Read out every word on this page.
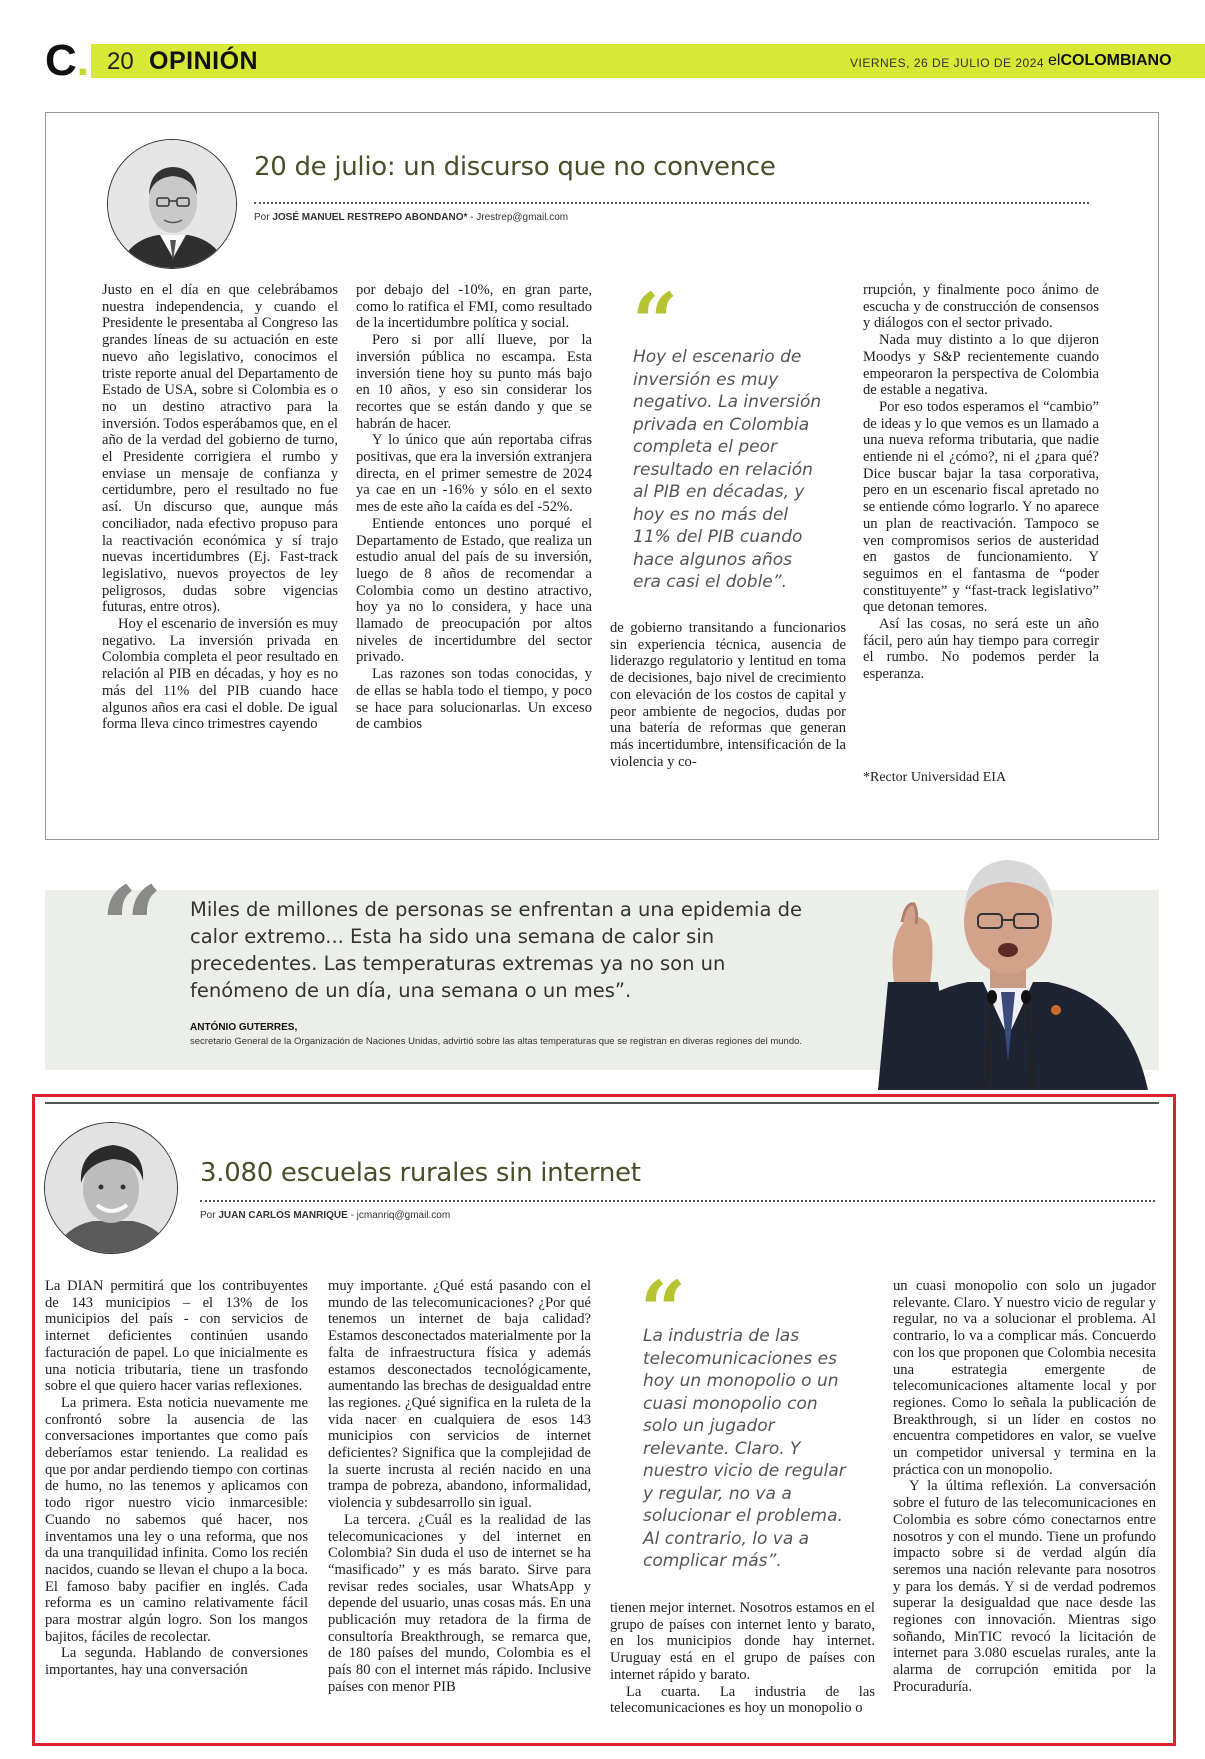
C. 20 OPINIÓN	VIERNES, 26 DE JULIO DE 2024 elCOLOMBIANO
20 de julio: un discurso que no convence
Por JOSÉ MANUEL RESTREPO ABONDANO* - Jrestrep@gmail.com

Justo en el día en que celebrábamos nuestra independencia, y cuando el Presidente le presentaba al Congreso las grandes líneas de su actuación en este nuevo año legislativo, conocimos el triste reporte anual del Departamento de Estado de USA, sobre si Colombia es o no un destino atractivo para la inversión. Todos esperábamos que, en el año de la verdad del gobierno de turno, el Presidente corrigiera el rumbo y enviase un mensaje de confianza y certidumbre, pero el resultado no fue así. Un discurso que, aunque más conciliador, nada efectivo propuso para la reactivación económica y sí trajo nuevas incertidumbres (Ej. Fast-track legislativo, nuevos proyectos de ley peligrosos, dudas sobre vigencias futuras, entre otros).

Hoy el escenario de inversión es muy negativo. La inversión privada en Colombia completa el peor resultado en relación al PIB en décadas, y hoy es no más del 11% del PIB cuando hace algunos años era casi el doble. De igual forma lleva cinco trimestres cayendo

por debajo del -10%, en gran parte, como lo ratifica el FMI, como resultado de la incertidumbre política y social.

Pero si por allí llueve, por la inversión pública no escampa. Esta inversión tiene hoy su punto más bajo en 10 años, y eso sin considerar los recortes que se están dando y que se habrán de hacer.

Y lo único que aún reportaba cifras positivas, que era la inversión extranjera directa, en el primer semestre de 2024 ya cae en un -16% y sólo en el sexto mes de este año la caída es del -52%.

Entiende entonces uno porqué el Departamento de Estado, que realiza un estudio anual del país de su inversión, luego de 8 años de recomendar a Colombia como un destino atractivo, hoy ya no lo considera, y hace una llamado de preocupación por altos niveles de incertidumbre del sector privado.

Las razones son todas conocidas, y de ellas se habla todo el tiempo, y poco se hace para solucionarlas. Un exceso de cambios

“
Hoy el escenario de inversión es muy negativo. La inversión privada en Colombia completa el peor resultado en relación al PIB en décadas, y hoy es no más del 11% del PIB cuando hace algunos años era casi el doble”.

de gobierno transitando a funcionarios sin experiencia técnica, ausencia de liderazgo regulatorio y lentitud en toma de decisiones, bajo nivel de crecimiento con elevación de los costos de capital y peor ambiente de negocios, dudas por una batería de reformas que generan más incertidumbre, intensificación de la violencia y co-

rrupción, y finalmente poco ánimo de escucha y de construcción de consensos y diálogos con el sector privado.

Nada muy distinto a lo que dijeron Moodys y S&P recientemente cuando empeoraron la perspectiva de Colombia de estable a negativa.

Por eso todos esperamos el “cambio” de ideas y lo que vemos es un llamado a una nueva reforma tributaria, que nadie entiende ni el ¿cómo?, ni el ¿para qué? Dice buscar bajar la tasa corporativa, pero en un escenario fiscal apretado no se entiende cómo lograrlo. Y no aparece un plan de reactivación. Tampoco se ven compromisos serios de austeridad en gastos de funcionamiento. Y seguimos en el fantasma de “poder constituyente” y “fast-track legislativo” que detonan temores.

Así las cosas, no será este un año fácil, pero aún hay tiempo para corregir el rumbo. No podemos perder la esperanza.

*Rector Universidad EIA
“ Miles de millones de personas se enfrentan a una epidemia de calor extremo... Esta ha sido una semana de calor sin precedentes. Las temperaturas extremas ya no son un fenómeno de un día, una semana o un mes”.
ANTÓNIO GUTERRES,
secretario General de la Organización de Naciones Unidas, advirtió sobre las altas temperaturas que se registran en diveras regiones del mundo.
3.080 escuelas rurales sin internet
Por JUAN CARLOS MANRIQUE - jcmanriq@gmail.com

La DIAN permitirá que los contribuyentes de 143 municipios – el 13% de los municipios del país - con servicios de internet deficientes continúen usando facturación de papel. Lo que inicialmente es una noticia tributaria, tiene un trasfondo sobre el que quiero hacer varias reflexiones.

La primera. Esta noticia nuevamente me confrontó sobre la ausencia de las conversaciones importantes que como país deberíamos estar teniendo. La realidad es que por andar perdiendo tiempo con cortinas de humo, no las tenemos y aplicamos con todo rigor nuestro vicio inmarcesible: Cuando no sabemos qué hacer, nos inventamos una ley o una reforma, que nos da una tranquilidad infinita. Como los recién nacidos, cuando se llevan el chupo a la boca. El famoso baby pacifier en inglés. Cada reforma es un camino relativamente fácil para mostrar algún logro. Son los mangos bajitos, fáciles de recolectar.

La segunda. Hablando de conversiones importantes, hay una conversación

muy importante. ¿Qué está pasando con el mundo de las telecomunicaciones? ¿Por qué tenemos un internet de baja calidad? Estamos desconectados materialmente por la falta de infraestructura física y además estamos desconectados tecnológicamente, aumentando las brechas de desigualdad entre las regiones. ¿Qué significa en la ruleta de la vida nacer en cualquiera de esos 143 municipios con servicios de internet deficientes? Significa que la complejidad de la suerte incrusta al recién nacido en una trampa de pobreza, abandono, informalidad, violencia y subdesarrollo sin igual.

La tercera. ¿Cuál es la realidad de las telecomunicaciones y del internet en Colombia? Sin duda el uso de internet se ha “masificado” y es más barato. Sirve para revisar redes sociales, usar WhatsApp y depende del usuario, unas cosas más. En una publicación muy retadora de la firma de consultoría Breakthrough, se remarca que, de 180 países del mundo, Colombia es el país 80 con el internet más rápido. Inclusive países con menor PIB

“
La industria de las telecomunicaciones es hoy un monopolio o un cuasi monopolio con solo un jugador relevante. Claro. Y nuestro vicio de regular y regular, no va a solucionar el problema. Al contrario, lo va a complicar más”.

tienen mejor internet. Nosotros estamos en el grupo de países con internet lento y barato, en los municipios donde hay internet. Uruguay está en el grupo de países con internet rápido y barato.

La cuarta. La industria de las telecomunicaciones es hoy un monopolio o

un cuasi monopolio con solo un jugador relevante. Claro. Y nuestro vicio de regular y regular, no va a solucionar el problema. Al contrario, lo va a complicar más. Concuerdo con los que proponen que Colombia necesita una estrategia emergente de telecomunicaciones altamente local y por regiones. Como lo señala la publicación de Breakthrough, si un líder en costos no encuentra competidores en valor, se vuelve un competidor universal y termina en la práctica con un monopolio.

Y la última reflexión. La conversación sobre el futuro de las telecomunicaciones en Colombia es sobre cómo conectarnos entre nosotros y con el mundo. Tiene un profundo impacto sobre si de verdad algún día seremos una nación relevante para nosotros y para los demás. Y si de verdad podremos superar la desigualdad que nace desde las regiones con innovación. Mientras sigo soñando, MinTIC revocó la licitación de internet para 3.080 escuelas rurales, ante la alarma de corrupción emitida por la Procuraduría.
